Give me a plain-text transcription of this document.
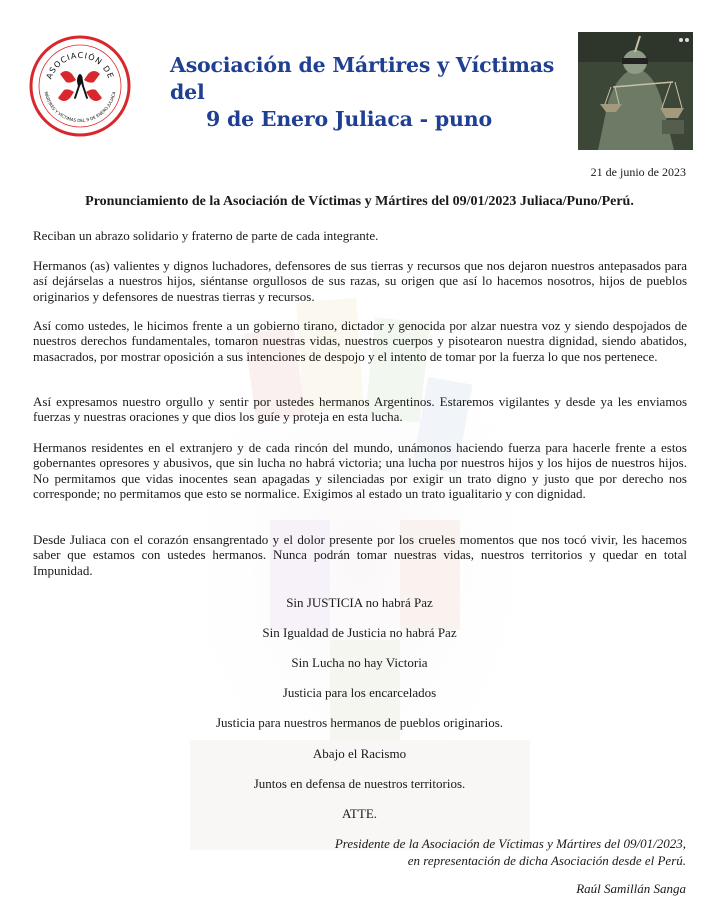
ASOCIACIÓN DE
MÁRTIRES Y VÍCTIMAS DEL 9 DE ENERO JULIACA
Asociación de Mártires y Víctimas del
9 de Enero Juliaca - puno
21 de junio de 2023
Pronunciamiento de la Asociación de Víctimas y Mártires del 09/01/2023 Juliaca/Puno/Perú.

Reciban un abrazo solidario y fraterno de parte de cada integrante.

Hermanos (as) valientes y dignos luchadores, defensores de sus tierras y recursos que nos dejaron nuestros antepasados para así dejárselas a nuestros hijos, siéntanse orgullosos de sus razas, su origen que así lo hacemos nosotros, hijos de pueblos originarios y defensores de nuestras tierras y recursos.

Así como ustedes, le hicimos frente a un gobierno tirano, dictador y genocida por alzar nuestra voz y siendo despojados de nuestros derechos fundamentales, tomaron nuestras vidas, nuestros cuerpos y pisotearon nuestra dignidad, siendo abatidos, masacrados, por mostrar oposición a sus intenciones de despojo y el intento de tomar por la fuerza lo que nos pertenece.

Así expresamos nuestro orgullo y sentir por ustedes hermanos Argentinos. Estaremos vigilantes y desde ya les enviamos fuerzas y nuestras oraciones y que dios los guíe y proteja en esta lucha.

Hermanos residentes en el extranjero y de cada rincón del mundo, unámonos haciendo fuerza para hacerle frente a estos gobernantes opresores y abusivos, que sin lucha no habrá victoria; una lucha por nuestros hijos y los hijos de nuestros hijos. No permitamos que vidas inocentes sean apagadas y silenciadas por exigir un trato digno y justo que por derecho nos corresponde; no permitamos que esto se normalice. Exigimos al estado un trato igualitario y con dignidad.

Desde Juliaca con el corazón ensangrentado y el dolor presente por los crueles momentos que nos tocó vivir, les hacemos saber que estamos con ustedes hermanos. Nunca podrán tomar nuestras vidas, nuestros territorios y quedar en total Impunidad.

Sin JUSTICIA no habrá Paz

Sin Igualdad de Justicia no habrá Paz

Sin Lucha no hay Victoria

Justicia para los encarcelados

Justicia para nuestros hermanos de pueblos originarios.

Abajo el Racismo

Juntos en defensa de nuestros territorios.

ATTE.

Presidente de la Asociación de Víctimas y Mártires del 09/01/2023,
en representación de dicha Asociación desde el Perú.
Raúl Samillán Sanga
